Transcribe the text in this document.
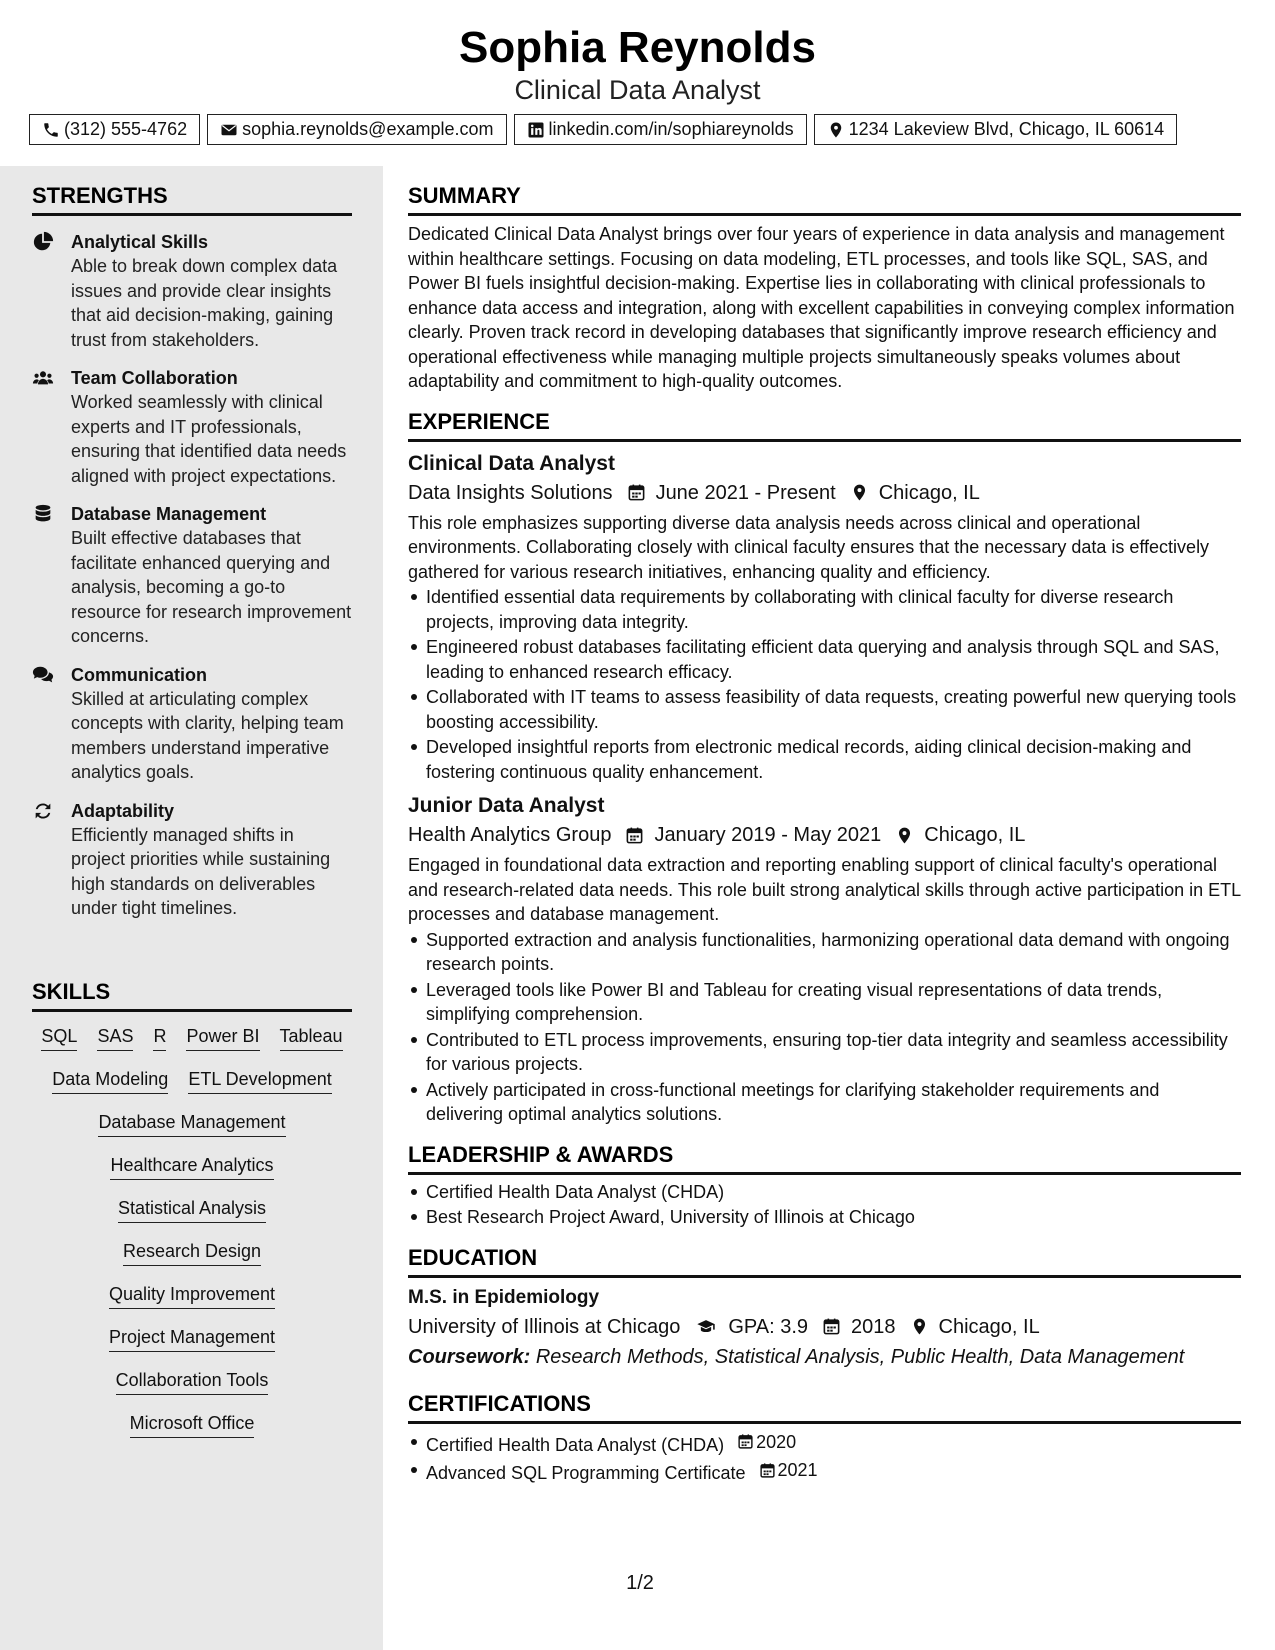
Sophia Reynolds
Clinical Data Analyst
(312) 555-4762	sophia.reynolds@example.com	linkedin.com/in/sophiareynolds	1234 Lakeview Blvd, Chicago, IL 60614
STRENGTHS
Analytical Skills
Able to break down complex data issues and provide clear insights that aid decision-making, gaining trust from stakeholders.
Team Collaboration
Worked seamlessly with clinical experts and IT professionals, ensuring that identified data needs aligned with project expectations.
Database Management
Built effective databases that facilitate enhanced querying and analysis, becoming a go-to resource for research improvement concerns.
Communication
Skilled at articulating complex concepts with clarity, helping team members understand imperative analytics goals.
Adaptability
Efficiently managed shifts in project priorities while sustaining high standards on deliverables under tight timelines.
SKILLS
SQL SAS R Power BI Tableau
Data Modeling ETL Development
Database Management
Healthcare Analytics
Statistical Analysis
Research Design
Quality Improvement
Project Management
Collaboration Tools
Microsoft Office
SUMMARY
Dedicated Clinical Data Analyst brings over four years of experience in data analysis and management within healthcare settings. Focusing on data modeling, ETL processes, and tools like SQL, SAS, and Power BI fuels insightful decision-making. Expertise lies in collaborating with clinical professionals to enhance data access and integration, along with excellent capabilities in conveying complex information clearly. Proven track record in developing databases that significantly improve research efficiency and operational effectiveness while managing multiple projects simultaneously speaks volumes about adaptability and commitment to high-quality outcomes.
EXPERIENCE
Clinical Data Analyst
Data Insights Solutions June 2021 - Present Chicago, IL
This role emphasizes supporting diverse data analysis needs across clinical and operational environments. Collaborating closely with clinical faculty ensures that the necessary data is effectively gathered for various research initiatives, enhancing quality and efficiency.
Identified essential data requirements by collaborating with clinical faculty for diverse research projects, improving data integrity.
Engineered robust databases facilitating efficient data querying and analysis through SQL and SAS, leading to enhanced research efficacy.
Collaborated with IT teams to assess feasibility of data requests, creating powerful new querying tools boosting accessibility.
Developed insightful reports from electronic medical records, aiding clinical decision-making and fostering continuous quality enhancement.
Junior Data Analyst
Health Analytics Group January 2019 - May 2021 Chicago, IL
Engaged in foundational data extraction and reporting enabling support of clinical faculty's operational and research-related data needs. This role built strong analytical skills through active participation in ETL processes and database management.
Supported extraction and analysis functionalities, harmonizing operational data demand with ongoing research points.
Leveraged tools like Power BI and Tableau for creating visual representations of data trends, simplifying comprehension.
Contributed to ETL process improvements, ensuring top-tier data integrity and seamless accessibility for various projects.
Actively participated in cross-functional meetings for clarifying stakeholder requirements and delivering optimal analytics solutions.
LEADERSHIP & AWARDS
Certified Health Data Analyst (CHDA)
Best Research Project Award, University of Illinois at Chicago
EDUCATION
M.S. in Epidemiology
University of Illinois at Chicago GPA: 3.9 2018 Chicago, IL
Coursework: Research Methods, Statistical Analysis, Public Health, Data Management
CERTIFICATIONS
Certified Health Data Analyst (CHDA) 2020
Advanced SQL Programming Certificate 2021
1/2
